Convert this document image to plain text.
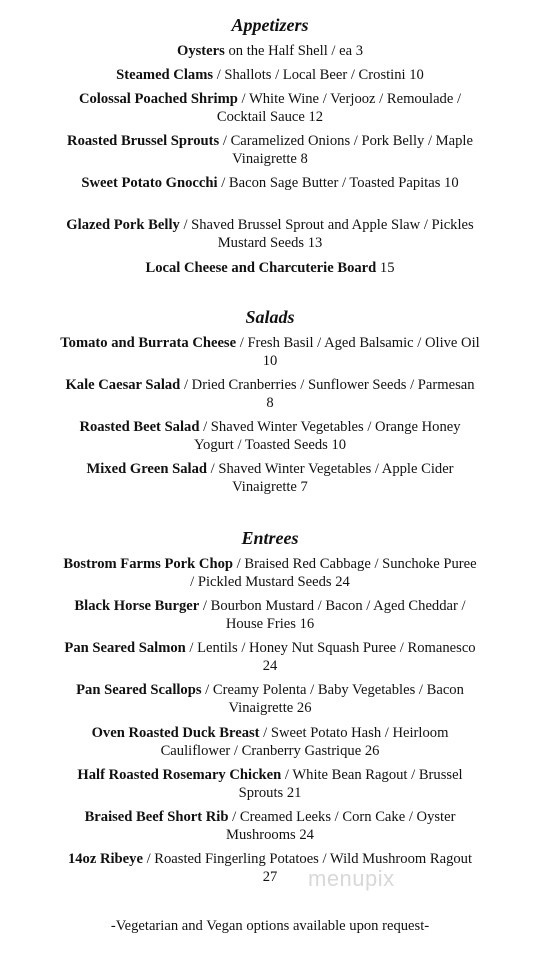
Appetizers
Oysters on the Half Shell / ea 3
Steamed Clams / Shallots / Local Beer / Crostini 10
Colossal Poached Shrimp / White Wine / Verjooz / Remoulade / Cocktail Sauce 12
Roasted Brussel Sprouts / Caramelized Onions / Pork Belly / Maple Vinaigrette 8
Sweet Potato Gnocchi / Bacon Sage Butter / Toasted Papitas 10
Glazed Pork Belly / Shaved Brussel Sprout and Apple Slaw / Pickles Mustard Seeds 13
Local Cheese and Charcuterie Board 15
Salads
Tomato and Burrata Cheese / Fresh Basil / Aged Balsamic / Olive Oil 10
Kale Caesar Salad / Dried Cranberries / Sunflower Seeds / Parmesan 8
Roasted Beet Salad / Shaved Winter Vegetables / Orange Honey Yogurt / Toasted Seeds 10
Mixed Green Salad / Shaved Winter Vegetables / Apple Cider Vinaigrette 7
Entrees
Bostrom Farms Pork Chop / Braised Red Cabbage / Sunchoke Puree / Pickled Mustard Seeds 24
Black Horse Burger / Bourbon Mustard / Bacon / Aged Cheddar / House Fries 16
Pan Seared Salmon / Lentils / Honey Nut Squash Puree / Romanesco 24
Pan Seared Scallops / Creamy Polenta / Baby Vegetables / Bacon Vinaigrette 26
Oven Roasted Duck Breast / Sweet Potato Hash / Heirloom Cauliflower / Cranberry Gastrique 26
Half Roasted Rosemary Chicken / White Bean Ragout / Brussel Sprouts 21
Braised Beef Short Rib / Creamed Leeks / Corn Cake / Oyster Mushrooms 24
14oz Ribeye / Roasted Fingerling Potatoes / Wild Mushroom Ragout 27	menupix
-Vegetarian and Vegan options available upon request-
